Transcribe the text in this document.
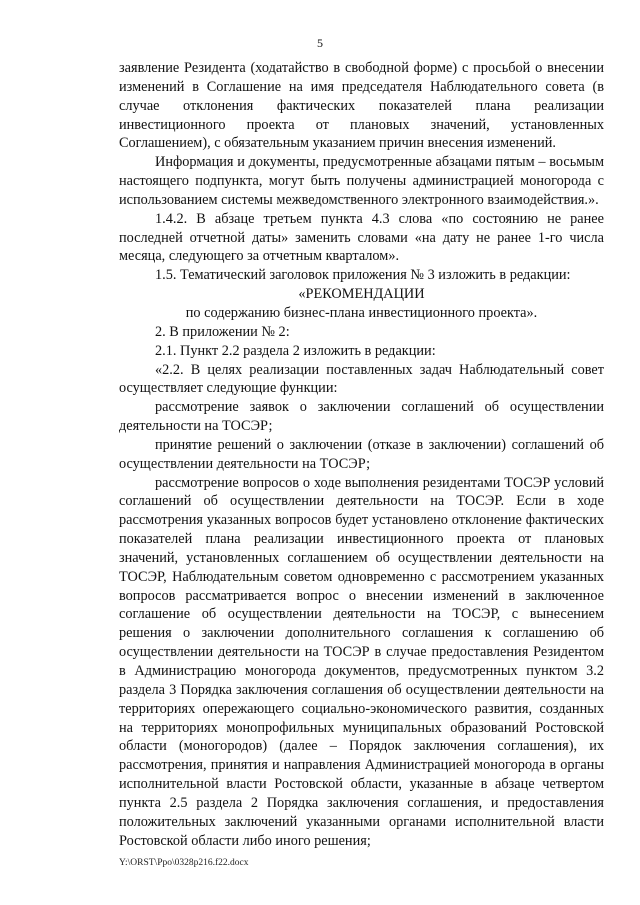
5

заявление Резидента (ходатайство в свободной форме) с просьбой о внесении изменений в Соглашение на имя председателя Наблюдательного совета (в случае отклонения фактических показателей плана реализации инвестиционного проекта от плановых значений, установленных Соглашением), с обязательным указанием причин внесения изменений.

Информация и документы, предусмотренные абзацами пятым – восьмым настоящего подпункта, могут быть получены администрацией моногорода с использованием системы межведомственного электронного взаимодействия.».

1.4.2. В абзаце третьем пункта 4.3 слова «по состоянию не ранее последней отчетной даты» заменить словами «на дату не ранее 1-го числа месяца, следующего за отчетным кварталом».

1.5. Тематический заголовок приложения № 3 изложить в редакции:

«РЕКОМЕНДАЦИИ

по содержанию бизнес-плана инвестиционного проекта».

2. В приложении № 2:

2.1. Пункт 2.2 раздела 2 изложить в редакции:

«2.2. В целях реализации поставленных задач Наблюдательный совет осуществляет следующие функции:

рассмотрение заявок о заключении соглашений об осуществлении деятельности на ТОСЭР;

принятие решений о заключении (отказе в заключении) соглашений об осуществлении деятельности на ТОСЭР;

рассмотрение вопросов о ходе выполнения резидентами ТОСЭР условий соглашений об осуществлении деятельности на ТОСЭР. Если в ходе рассмотрения указанных вопросов будет установлено отклонение фактических показателей плана реализации инвестиционного проекта от плановых значений, установленных соглашением об осуществлении деятельности на ТОСЭР, Наблюдательным советом одновременно с рассмотрением указанных вопросов рассматривается вопрос о внесении изменений в заключенное соглашение об осуществлении деятельности на ТОСЭР, с вынесением решения о заключении дополнительного соглашения к соглашению об осуществлении деятельности на ТОСЭР в случае предоставления Резидентом в Администрацию моногорода документов, предусмотренных пунктом 3.2 раздела 3 Порядка заключения соглашения об осуществлении деятельности на территориях опережающего социально-экономического развития, созданных на территориях монопрофильных муниципальных образований Ростовской области (моногородов) (далее – Порядок заключения соглашения), их рассмотрения, принятия и направления Администрацией моногорода в органы исполнительной власти Ростовской области, указанные в абзаце четвертом пункта 2.5 раздела 2 Порядка заключения соглашения, и предоставления положительных заключений указанными органами исполнительной власти Ростовской области либо иного решения;

Y:\ORST\Ppo\0328p216.f22.docx
